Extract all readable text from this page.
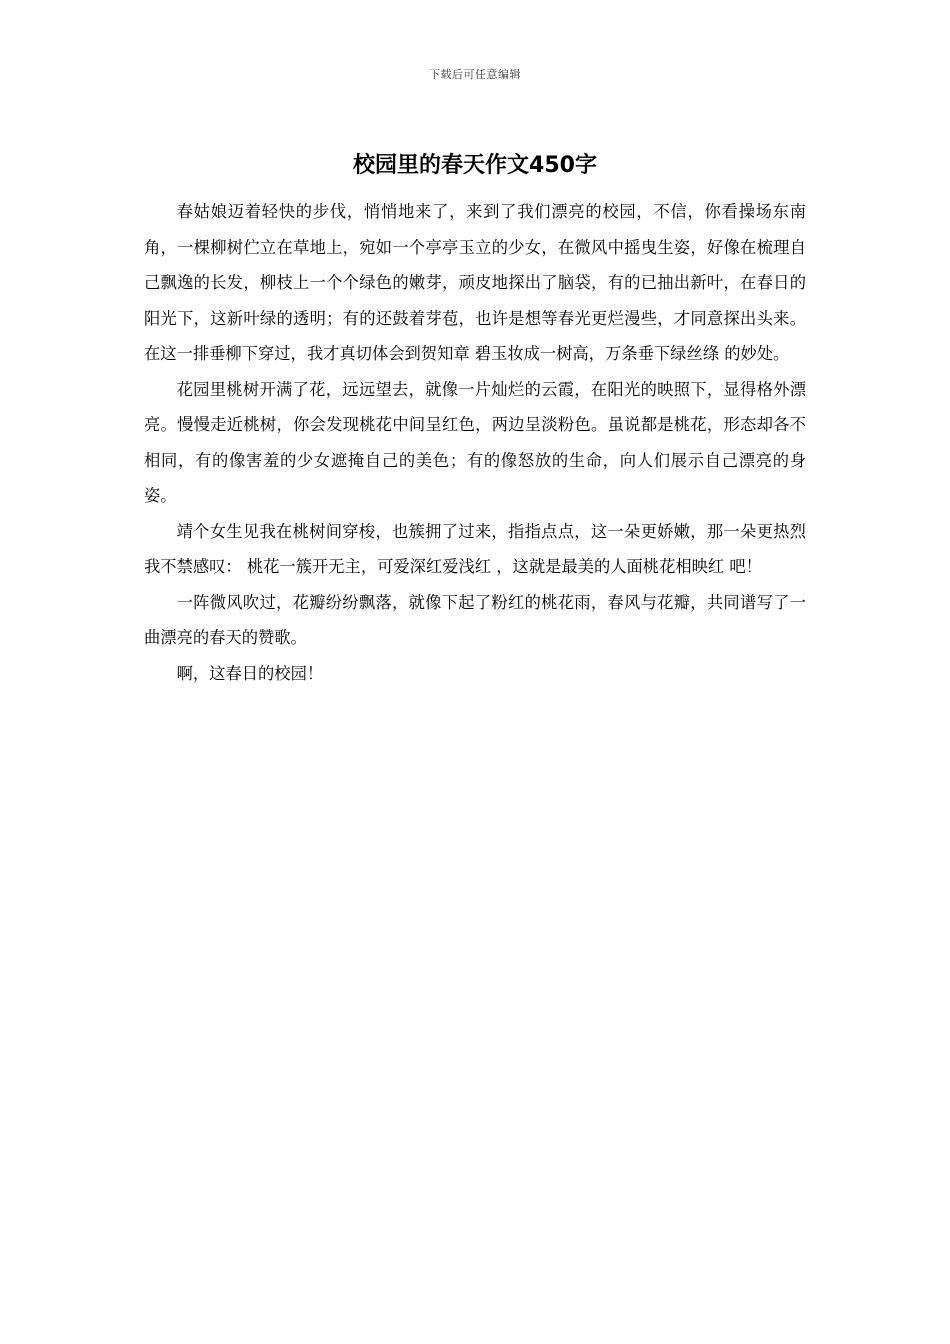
下载后可任意编辑
校园里的春天作文450字

春姑娘迈着轻快的步伐，悄悄地来了，来到了我们漂亮的校园，不信，你看操场东南角，一棵柳树伫立在草地上，宛如一个亭亭玉立的少女，在微风中摇曳生姿，好像在梳理自己飘逸的长发，柳枝上一个个绿色的嫩芽，顽皮地探出了脑袋，有的已抽出新叶，在春日的阳光下，这新叶绿的透明；有的还鼓着芽苞，也许是想等春光更烂漫些，才同意探出头来。在这一排垂柳下穿过，我才真切体会到贺知章 碧玉妆成一树高，万条垂下绿丝绦 的妙处。

花园里桃树开满了花，远远望去，就像一片灿烂的云霞，在阳光的映照下，显得格外漂亮。慢慢走近桃树，你会发现桃花中间呈红色，两边呈淡粉色。虽说都是桃花，形态却各不相同，有的像害羞的少女遮掩自己的美色；有的像怒放的生命，向人们展示自己漂亮的身姿。

靖个女生见我在桃树间穿梭，也簇拥了过来，指指点点，这一朵更娇嫩，那一朵更热烈 我不禁感叹： 桃花一簇开无主，可爱深红爱浅红 ，这就是最美的人面桃花相映红 吧！

一阵微风吹过，花瓣纷纷飘落，就像下起了粉红的桃花雨，春风与花瓣，共同谱写了一曲漂亮的春天的赞歌。

啊，这春日的校园！
